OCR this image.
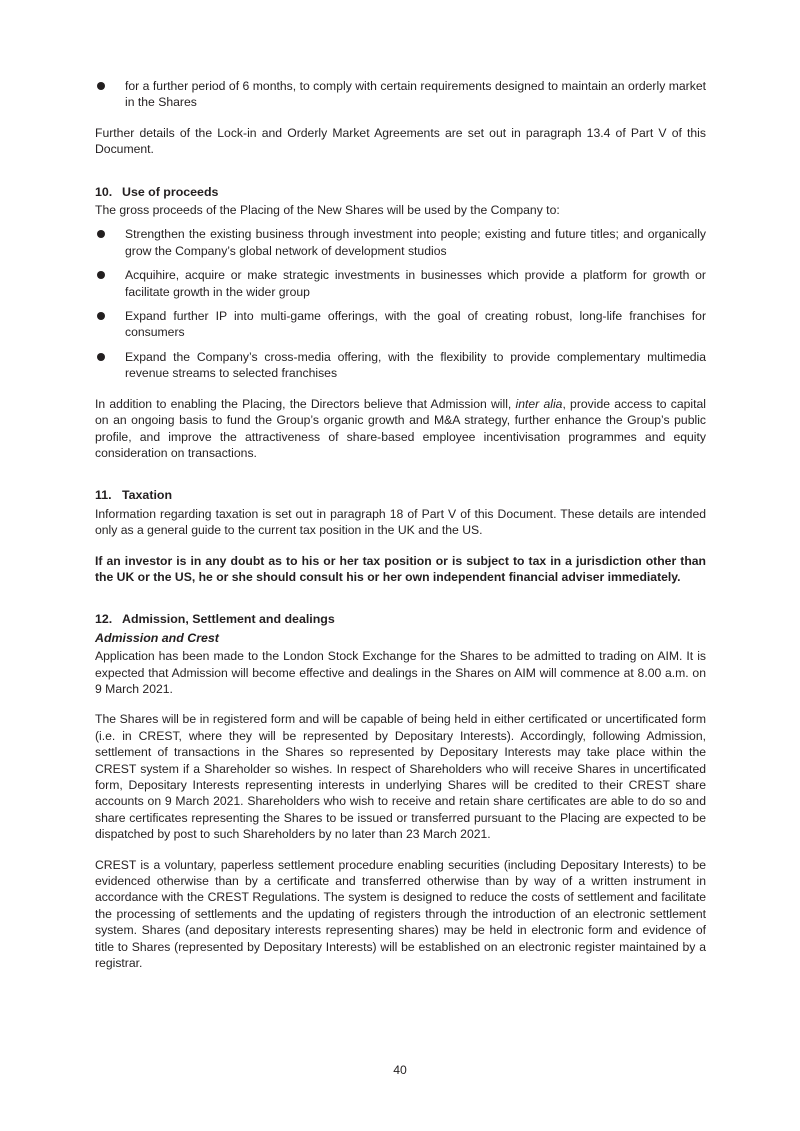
for a further period of 6 months, to comply with certain requirements designed to maintain an orderly market in the Shares

Further details of the Lock-in and Orderly Market Agreements are set out in paragraph 13.4 of Part V of this Document.

10. Use of proceeds

The gross proceeds of the Placing of the New Shares will be used by the Company to:

Strengthen the existing business through investment into people; existing and future titles; and organically grow the Company’s global network of development studios
Acquihire, acquire or make strategic investments in businesses which provide a platform for growth or facilitate growth in the wider group
Expand further IP into multi-game offerings, with the goal of creating robust, long-life franchises for consumers
Expand the Company’s cross-media offering, with the flexibility to provide complementary multimedia revenue streams to selected franchises

In addition to enabling the Placing, the Directors believe that Admission will, inter alia, provide access to capital on an ongoing basis to fund the Group’s organic growth and M&A strategy, further enhance the Group’s public profile, and improve the attractiveness of share-based employee incentivisation programmes and equity consideration on transactions.

11. Taxation

Information regarding taxation is set out in paragraph 18 of Part V of this Document. These details are intended only as a general guide to the current tax position in the UK and the US.

If an investor is in any doubt as to his or her tax position or is subject to tax in a jurisdiction other than the UK or the US, he or she should consult his or her own independent financial adviser immediately.

12. Admission, Settlement and dealings
Admission and Crest

Application has been made to the London Stock Exchange for the Shares to be admitted to trading on AIM. It is expected that Admission will become effective and dealings in the Shares on AIM will commence at 8.00 a.m. on 9 March 2021.

The Shares will be in registered form and will be capable of being held in either certificated or uncertificated form (i.e. in CREST, where they will be represented by Depositary Interests). Accordingly, following Admission, settlement of transactions in the Shares so represented by Depositary Interests may take place within the CREST system if a Shareholder so wishes. In respect of Shareholders who will receive Shares in uncertificated form, Depositary Interests representing interests in underlying Shares will be credited to their CREST share accounts on 9 March 2021. Shareholders who wish to receive and retain share certificates are able to do so and share certificates representing the Shares to be issued or transferred pursuant to the Placing are expected to be dispatched by post to such Shareholders by no later than 23 March 2021.

CREST is a voluntary, paperless settlement procedure enabling securities (including Depositary Interests) to be evidenced otherwise than by a certificate and transferred otherwise than by way of a written instrument in accordance with the CREST Regulations. The system is designed to reduce the costs of settlement and facilitate the processing of settlements and the updating of registers through the introduction of an electronic settlement system. Shares (and depositary interests representing shares) may be held in electronic form and evidence of title to Shares (represented by Depositary Interests) will be established on an electronic register maintained by a registrar.

40
